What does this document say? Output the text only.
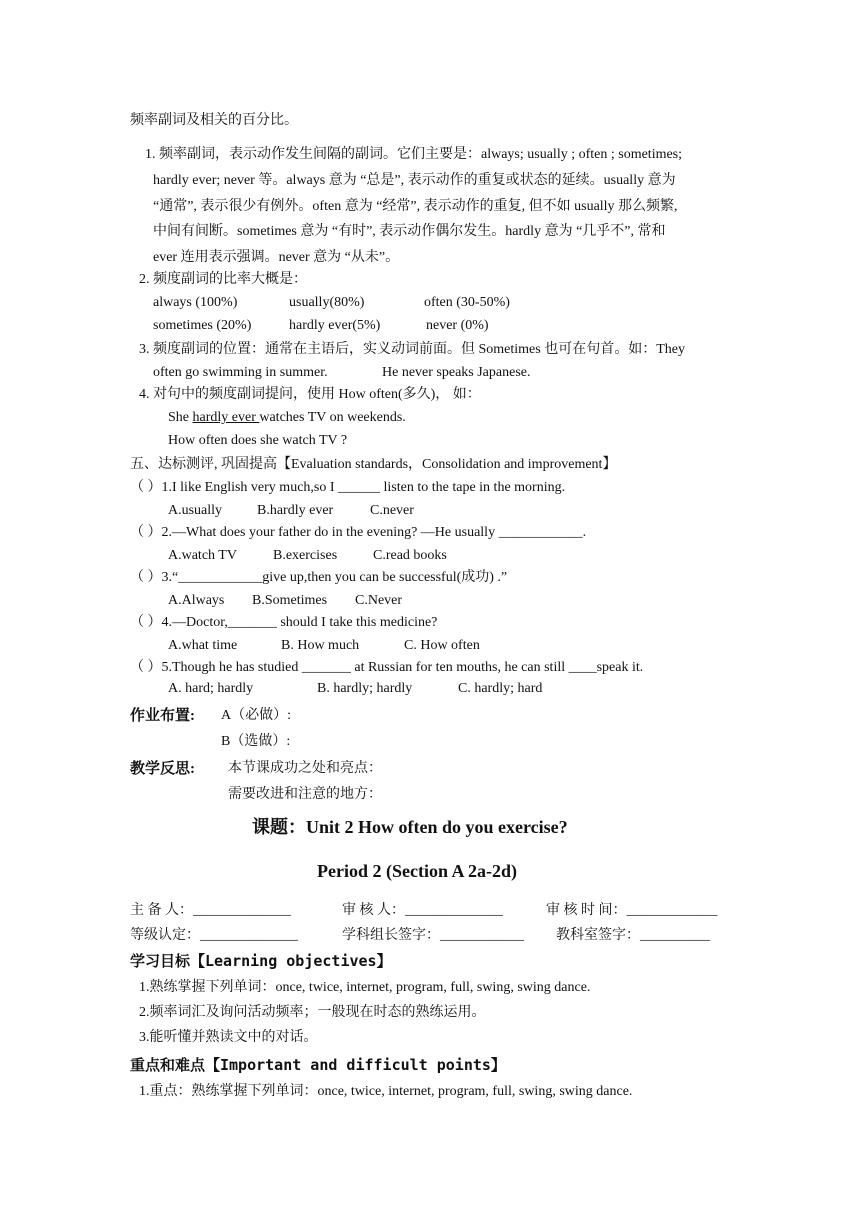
频率副词及相关的百分比。
1. 频率副词，表示动作发生间隔的副词。它们主要是：always; usually ; often ; sometimes;
hardly ever; never 等。always 意为 “总是”, 表示动作的重复或状态的延续。usually 意为
“通常”, 表示很少有例外。often 意为 “经常”, 表示动作的重复, 但不如 usually 那么频繁,
中间有间断。sometimes 意为 “有时”, 表示动作偶尔发生。hardly 意为 “几乎不”, 常和
ever 连用表示强调。never 意为 “从未”。
2. 频度副词的比率大概是：
always (100%)	usually(80%)	often (30-50%)
sometimes (20%)	hardly ever(5%)	never (0%)
3. 频度副词的位置：通常在主语后，实义动词前面。但 Sometimes 也可在句首。如：They
often go swimming in summer.	He never speaks Japanese.
4. 对句中的频度副词提问，使用 How often(多久)， 如：
She hardly ever watches TV on weekends.
How often does she watch TV ?
五、达标测评, 巩固提高【Evaluation standards，Consolidation and improvement】
（ ）1.I like English very much,so I ______ listen to the tape in the morning.
A.usually B.hardly ever	C.never
（ ）2.—What does your father do in the evening? —He usually ____________.
A.watch TV	B.exercises	C.read books
（ ）3.“____________give up,then you can be successful(成功) .”
A.Always B.Sometimes C.Never
（ ）4.—Doctor,_______ should I take this medicine?
A.what time	B. How much	C. How often
（ ）5.Though he has studied _______ at Russian for ten mouths, he can still ____speak it.
A. hard; hardly	B. hardly; hardly	C. hardly; hard
作业布置: A（必做）:
B（选做）:
教学反思: 本节课成功之处和亮点：
需要改进和注意的地方：
课题：Unit 2 How often do you exercise?
Period 2 (Section A 2a-2d)
主 备 人：______________	审 核 人：______________	审 核 时 间：_____________
等级认定：______________	学科组长签字：____________ 教科室签字：__________
学习目标【Learning objectives】
1.熟练掌握下列单词：once, twice, internet, program, full, swing, swing dance.
2.频率词汇及询问活动频率；一般现在时态的熟练运用。
3.能听懂并熟读文中的对话。
重点和难点【Important and difficult points】
1.重点：熟练掌握下列单词：once, twice, internet, program, full, swing, swing dance.
